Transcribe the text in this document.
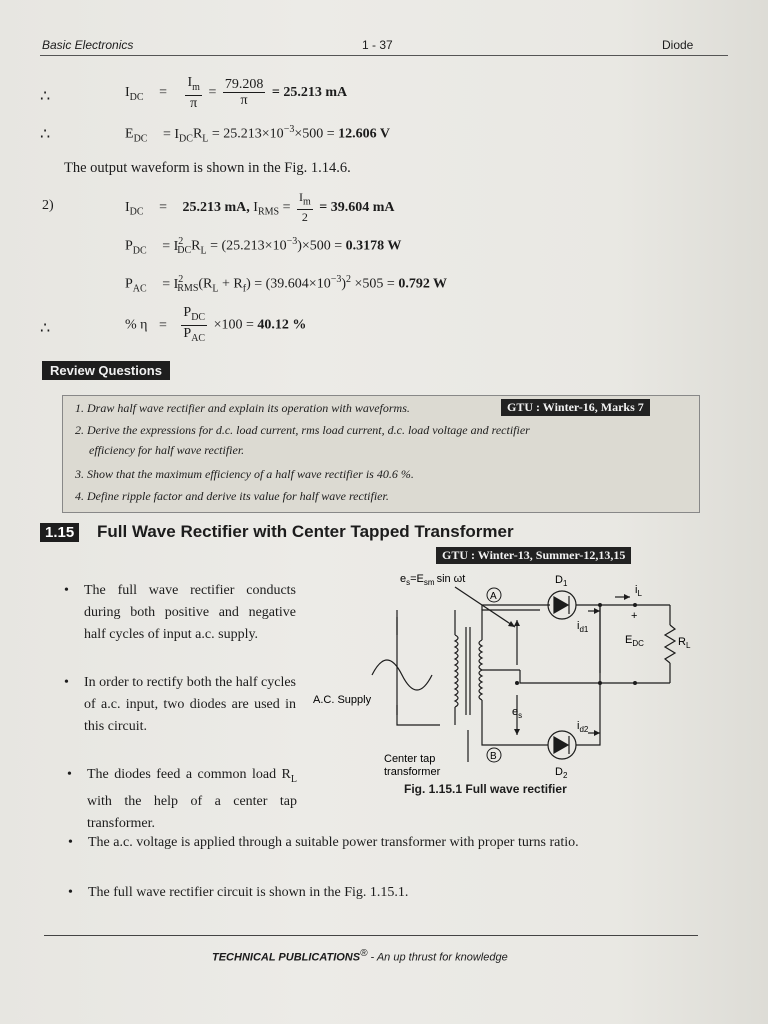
Basic Electronics	1 - 37	Diode
∴	$I_{DC} = \frac{I_m}{\pi} = \frac{79.208}{\pi} = 25.213$ mA
∴	$E_{DC} = I_{DC}R_L = 25.213\times 10^{-3}\times 500 = 12.606$ V
The output waveform is shown in the Fig. 1.14.6.
2)	$I_{DC} = 25.213$ mA, $I_{RMS} = \frac{I_m}{2} = 39.604$ mA
$P_{DC} = I^2_{DC}R_L = (25.213\times 10^{-3})\times 500 = 0.3178$ W
$P_{AC} = I^2_{RMS}(R_L + R_f) = (39.604\times 10^{-3})^2 \times 505 = 0.792$ W
∴	% $\eta = \frac{P_{DC}}{P_{AC}} \times 100 = 40.12$ %
Review Questions
1. Draw half wave rectifier and explain its operation with waveforms.	GTU : Winter-16, Marks 7
2. Derive the expressions for d.c. load current, rms load current, d.c. load voltage and rectifier
efficiency for half wave rectifier.
3. Show that the maximum efficiency of a half wave rectifier is 40.6 %.
4. Define ripple factor and derive its value for half wave rectifier.
1.15 Full Wave Rectifier with Center Tapped Transformer
GTU : Winter-13, Summer-12,13,15
• The full wave rectifier conducts during both positive and negative half cycles of input a.c. supply.
• In order to rectify both the half cycles of a.c. input, two diodes are used in this circuit.
• The diodes feed a common load $R_L$ with the help of a center tap transformer.
• The a.c. voltage is applied through a suitable power transformer with proper turns ratio.
• The full wave rectifier circuit is shown in the Fig. 1.15.1.
A
B
$e_s=E_{sm}$ sin ωt	$D_1$
$D_2$
$i_L$
$i_{d1}$
$i_{d2}$
$E_{DC}$
+
$R_L$
$e_s$
A.C. Supply
Center tap
transformer
Fig. 1.15.1 Full wave rectifier
TECHNICAL PUBLICATIONS® - An up thrust for knowledge
